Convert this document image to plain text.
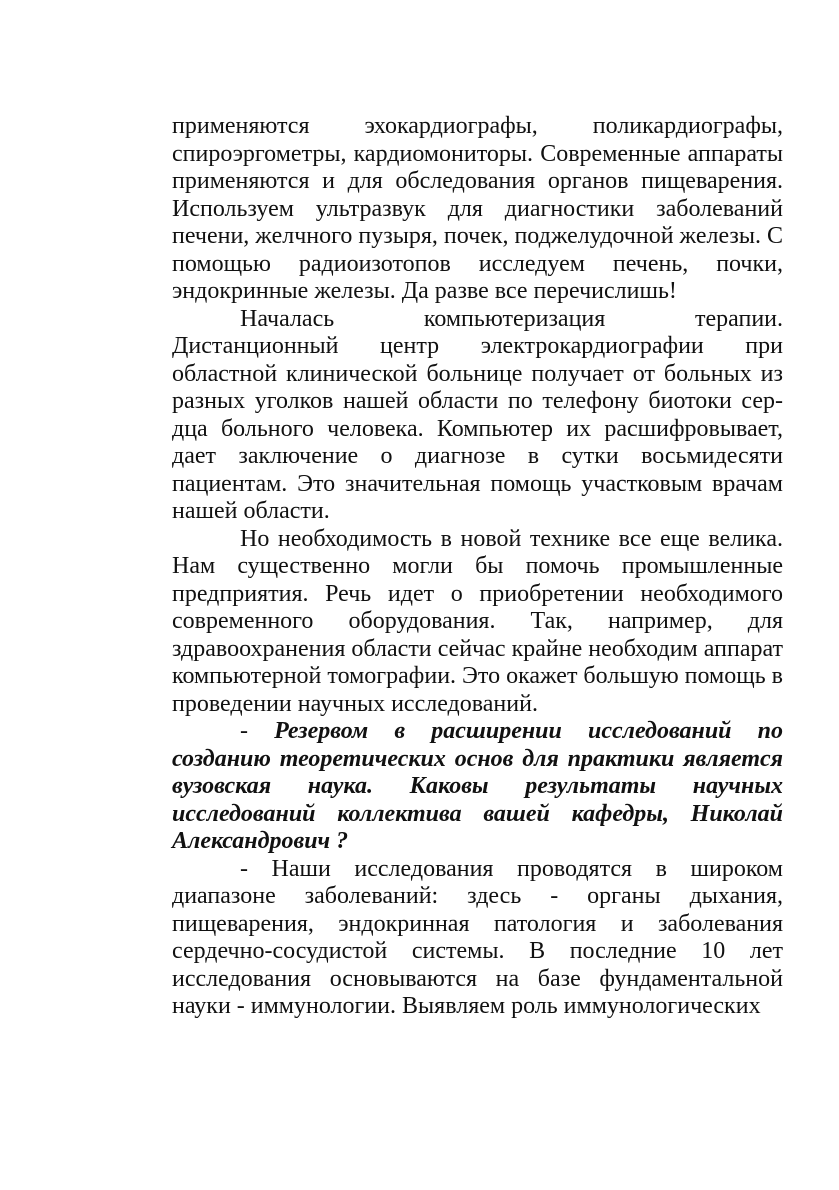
применяются эхокардиографы, поликардиографы, спироэргометры, кардиомониторы. Современные аппараты применяются и для обследования органов пищеварения. Используем ультразвук для диагностики заболеваний печени, желчного пузыря, почек, поджелудочной железы. С помощью радиоизотопов исследуем печень, почки, эндокринные железы. Да разве все перечислишь!

Началась компьютеризация терапии. Дистанционный центр электрокардиографии при областной клинической больнице получает от больных из разных уголков нашей области по телефону биотоки сер-дца больного человека. Компьютер их расшифровывает, дает заключение о диагнозе в сутки восьмидесяти пациентам. Это значительная помощь участковым врачам нашей области.

Но необходимость в новой технике все еще велика. Нам существенно могли бы помочь промышленные предприятия. Речь идет о приобретении необходимого современного оборудования. Так, например, для здравоохранения области сейчас крайне необходим аппарат компьютерной томографии. Это окажет большую помощь в проведении научных исследований.

- Резервом в расширении исследований по созданию теоретических основ для практики является вузовская наука. Каковы результаты научных исследований коллектива вашей кафедры, Николай Александрович ?

- Наши исследования проводятся в широком диапазоне заболеваний: здесь - органы дыхания, пищеварения, эндокринная патология и заболевания сердечно-сосудистой системы. В последние 10 лет исследования основываются на базе фундаментальной науки - иммунологии. Выявляем роль иммунологических
